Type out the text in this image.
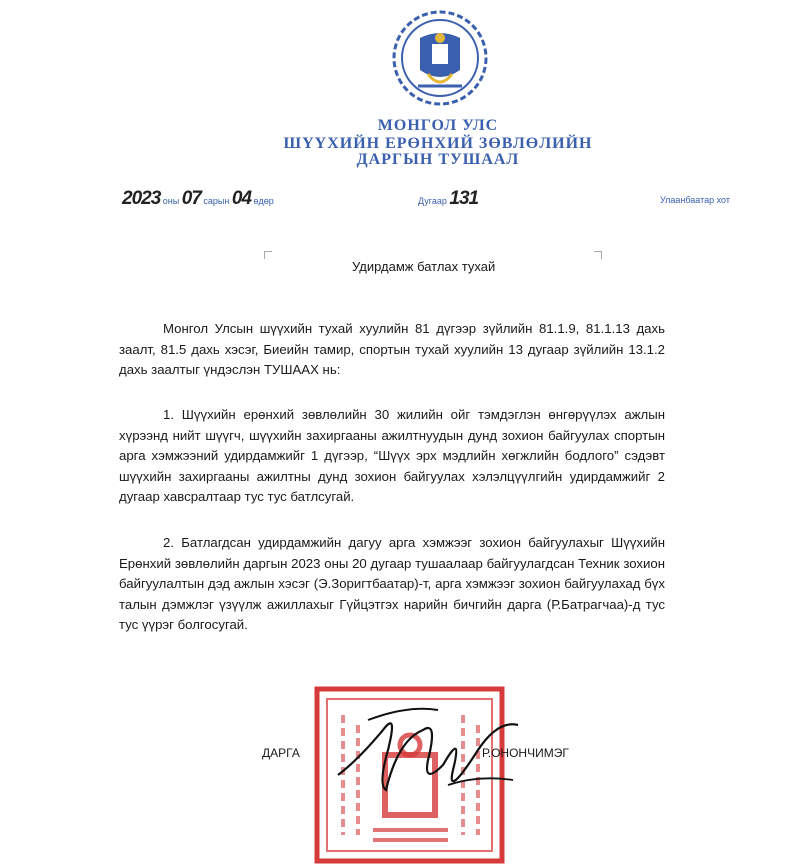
МОНГОЛ УЛС
ШҮҮХИЙН ЕРӨНХИЙ ЗӨВЛӨЛИЙН
ДАРГЫН ТУШААЛ
2023 оны 07 сарын 04 өдөр	Дугаар 131	Улаанбаатар хот
Удирдамж батлах тухай
Монгол Улсын шүүхийн тухай хуулийн 81 дүгээр зүйлийн 81.1.9, 81.1.13 дахь заалт, 81.5 дахь хэсэг, Биеийн тамир, спортын тухай хуулийн 13 дугаар зүйлийн 13.1.2 дахь заалтыг үндэслэн ТУШААХ нь:
1. Шүүхийн ерөнхий зөвлөлийн 30 жилийн ойг тэмдэглэн өнгөрүүлэх ажлын хүрээнд нийт шүүгч, шүүхийн захиргааны ажилтнуудын дунд зохион байгуулах спортын арга хэмжээний удирдамжийг 1 дүгээр, “Шүүх эрх мэдлийн хөгжлийн бодлого” сэдэвт шүүхийн захиргааны ажилтны дунд зохион байгуулах хэлэлцүүлгийн удирдамжийг 2 дугаар хавсралтаар тус тус батлсугай.
2. Батлагдсан удирдамжийн дагуу арга хэмжээг зохион байгуулахыг Шүүхийн Ерөнхий зөвлөлийн даргын 2023 оны 20 дугаар тушаалаар байгуулагдсан Техник зохион байгуулалтын дэд ажлын хэсэг (Э.Зоригтбаатар)-т, арга хэмжээг зохион байгуулахад бүх талын дэмжлэг үзүүлж ажиллахыг Гүйцэтгэх нарийн бичгийн дарга (Р.Батрагчаа)-д тус тус үүрэг болгосугай.
ДАРГА	Р.ОНОНЧИМЭГ
